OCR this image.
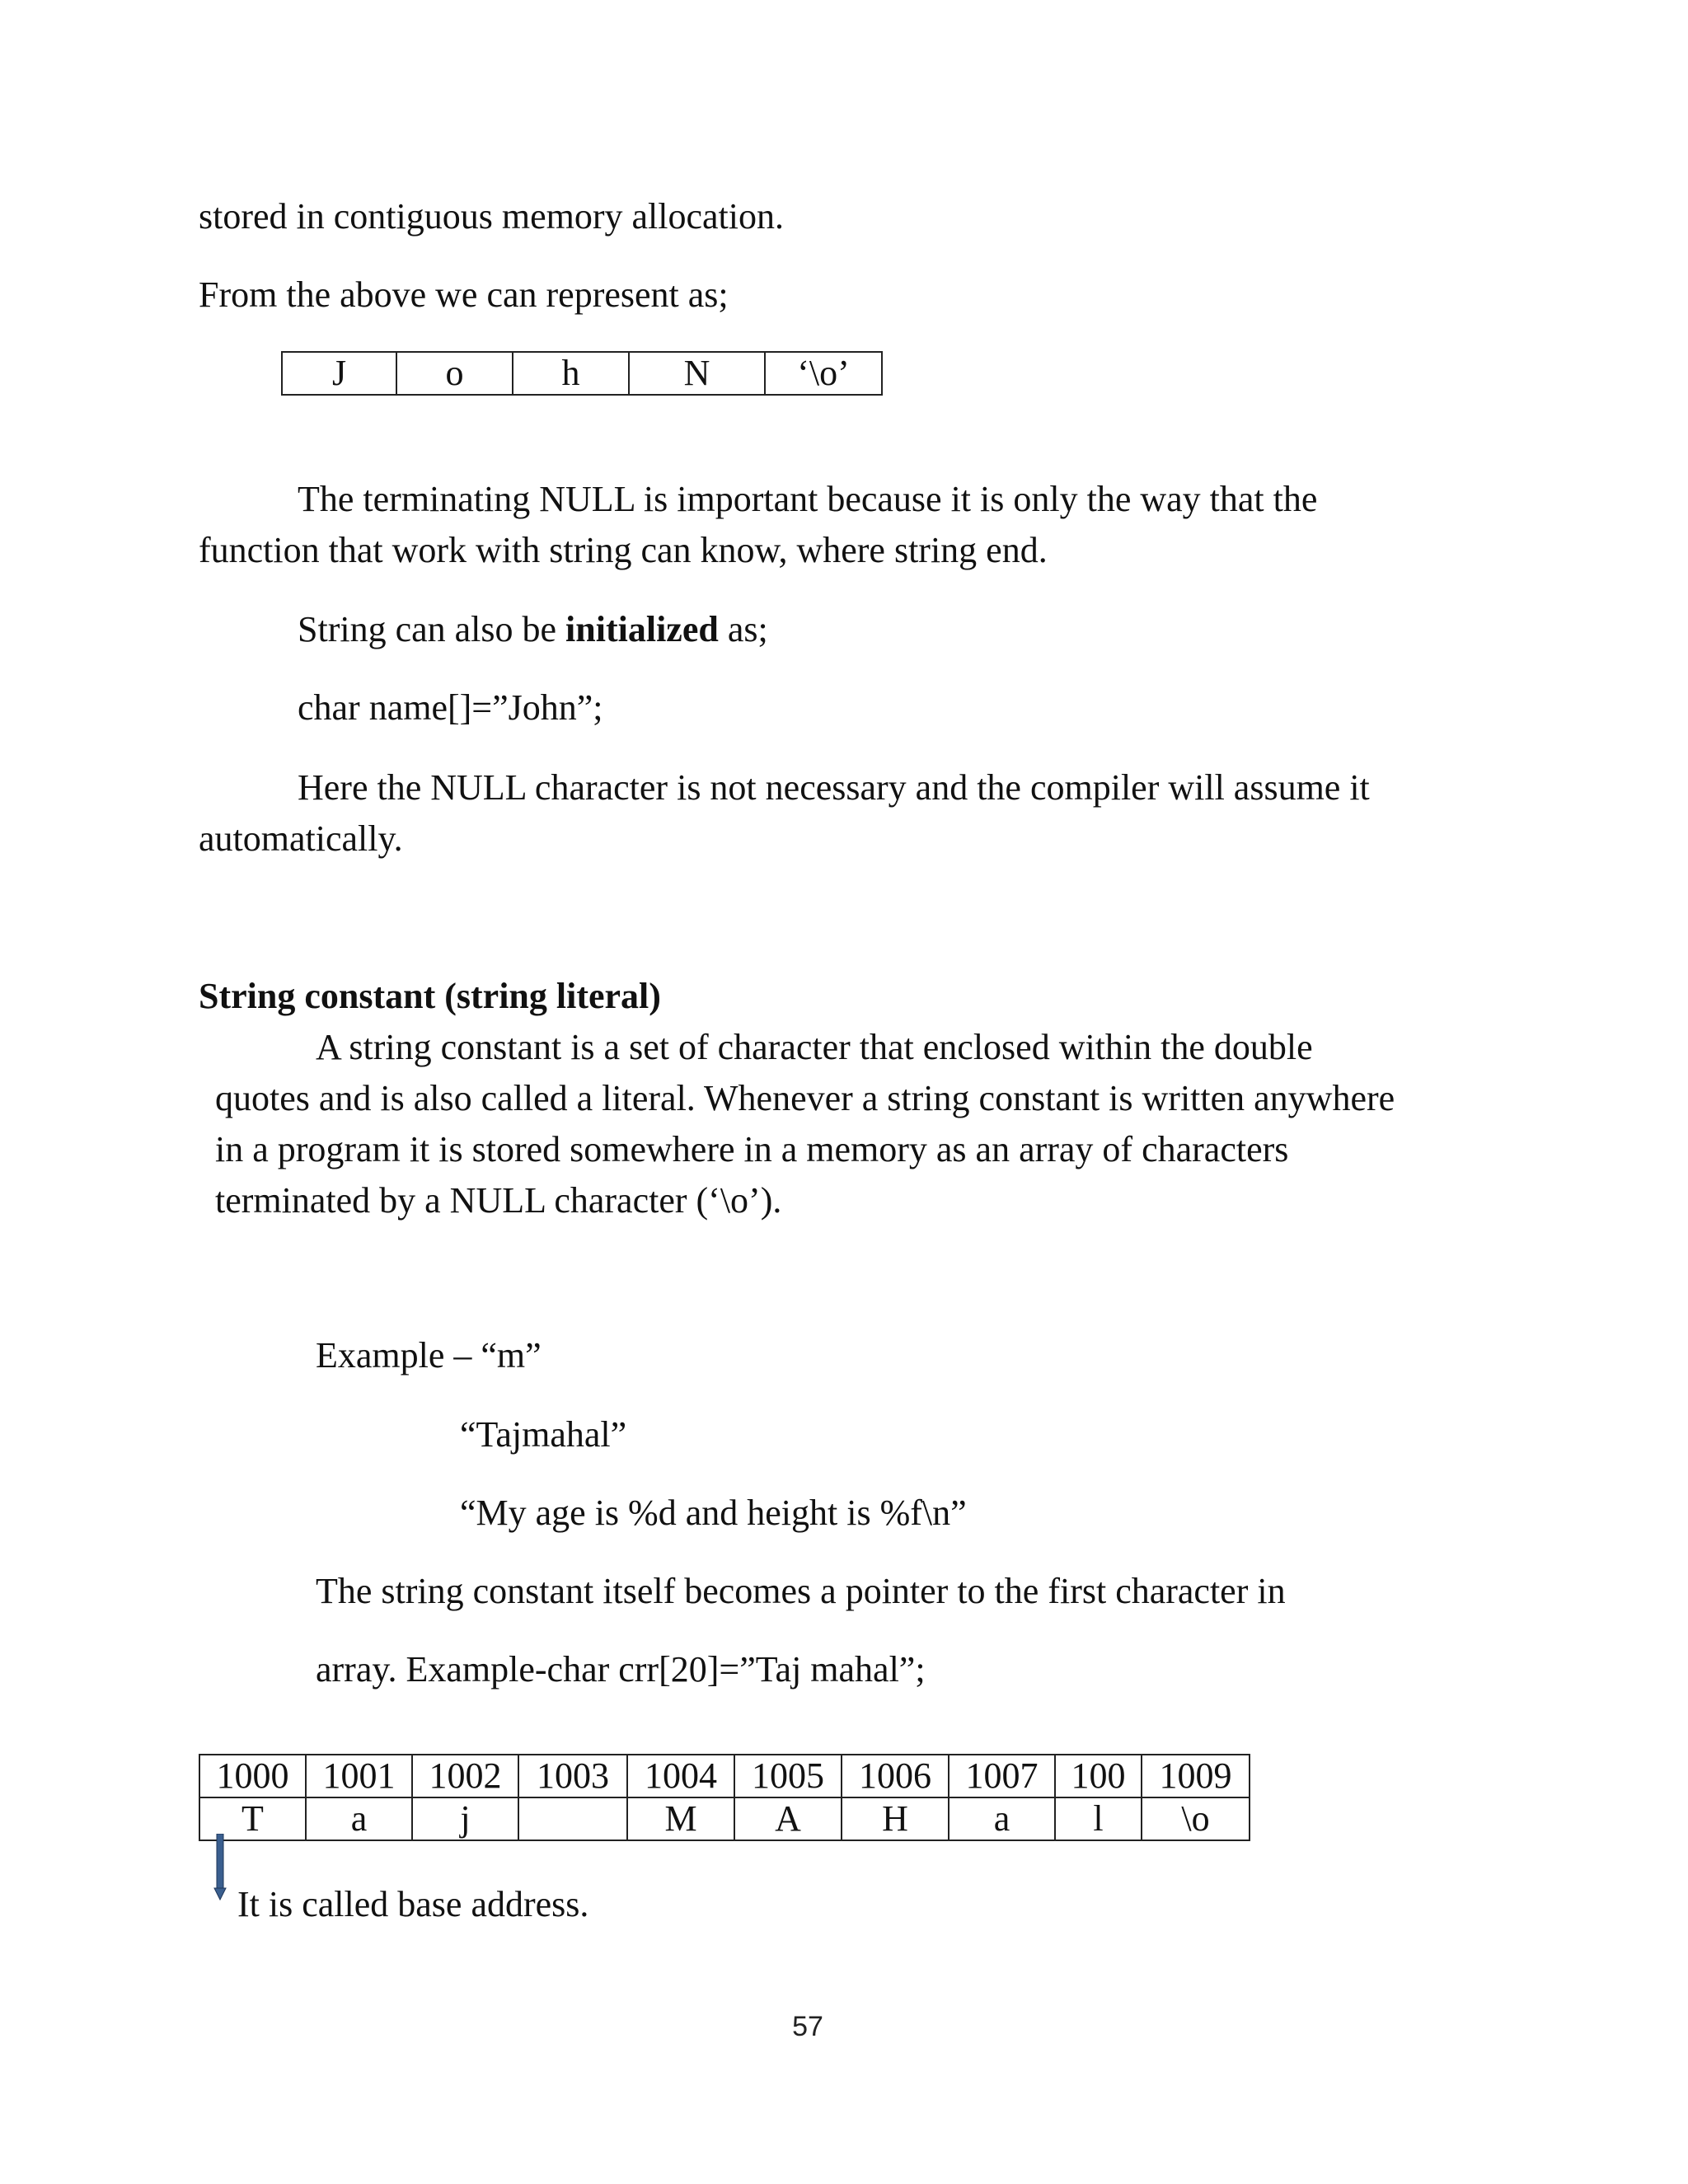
stored in contiguous memory allocation.
From the above we can represent as;
J	o	h	N	‘\o’
The terminating NULL is important because it is only the way that the
function that work with string can know, where string end.
String can also be initialized as;
char name[]=”John”;
Here the NULL character is not necessary and the compiler will assume it
automatically.
String constant (string literal)
A string constant is a set of character that enclosed within the double
quotes and is also called a literal. Whenever a string constant is written anywhere
in a program it is stored somewhere in a memory as an array of characters
terminated by a NULL character (‘\o’).
Example – “m”
“Tajmahal”
“My age is %d and height is %f\n”
The string constant itself becomes a pointer to the first character in
array. Example-char crr[20]=”Taj mahal”;
1000	1001	1002	1003	1004	1005	1006	1007	100	1009
T	a	j		M	A	H	a	l	\o
It is called base address.
57
